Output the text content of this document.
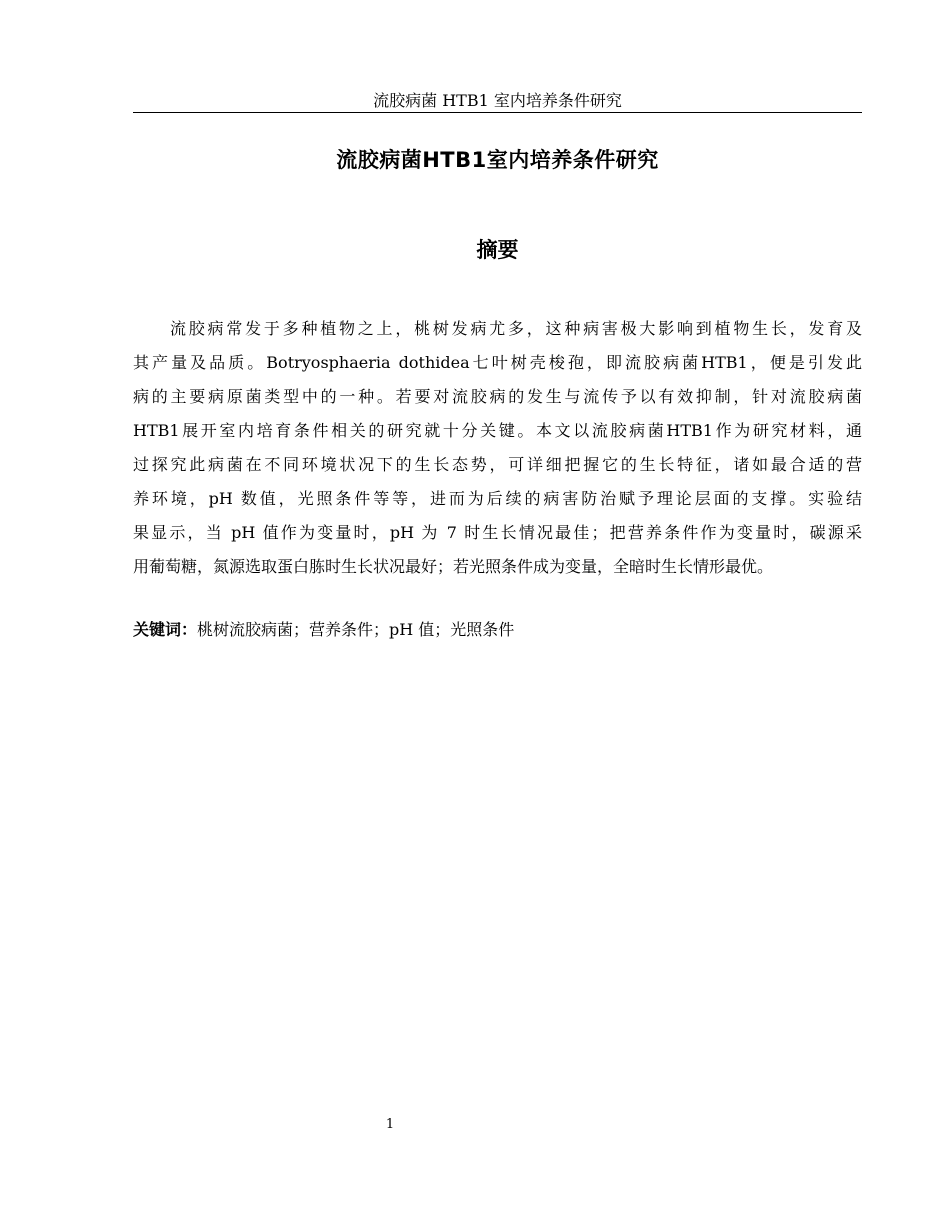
流胶病菌 HTB1 室内培养条件研究
流胶病菌HTB1室内培养条件研究
摘要
流胶病常发于多种植物之上，桃树发病尤多，这种病害极大影响到植物生长，发育及
其产量及品质。Botryosphaeria dothidea七叶树壳梭孢，即流胶病菌HTB1，便是引发此
病的主要病原菌类型中的一种。若要对流胶病的发生与流传予以有效抑制，针对流胶病菌
HTB1展开室内培育条件相关的研究就十分关键。本文以流胶病菌HTB1作为研究材料，通
过探究此病菌在不同环境状况下的生长态势，可详细把握它的生长特征，诸如最合适的营
养环境，pH 数值，光照条件等等，进而为后续的病害防治赋予理论层面的支撑。实验结
果显示，当 pH 值作为变量时，pH 为 7 时生长情况最佳；把营养条件作为变量时，碳源采
用葡萄糖，氮源选取蛋白胨时生长状况最好；若光照条件成为变量，全暗时生长情形最优。
关键词：桃树流胶病菌；营养条件；pH 值；光照条件
1
